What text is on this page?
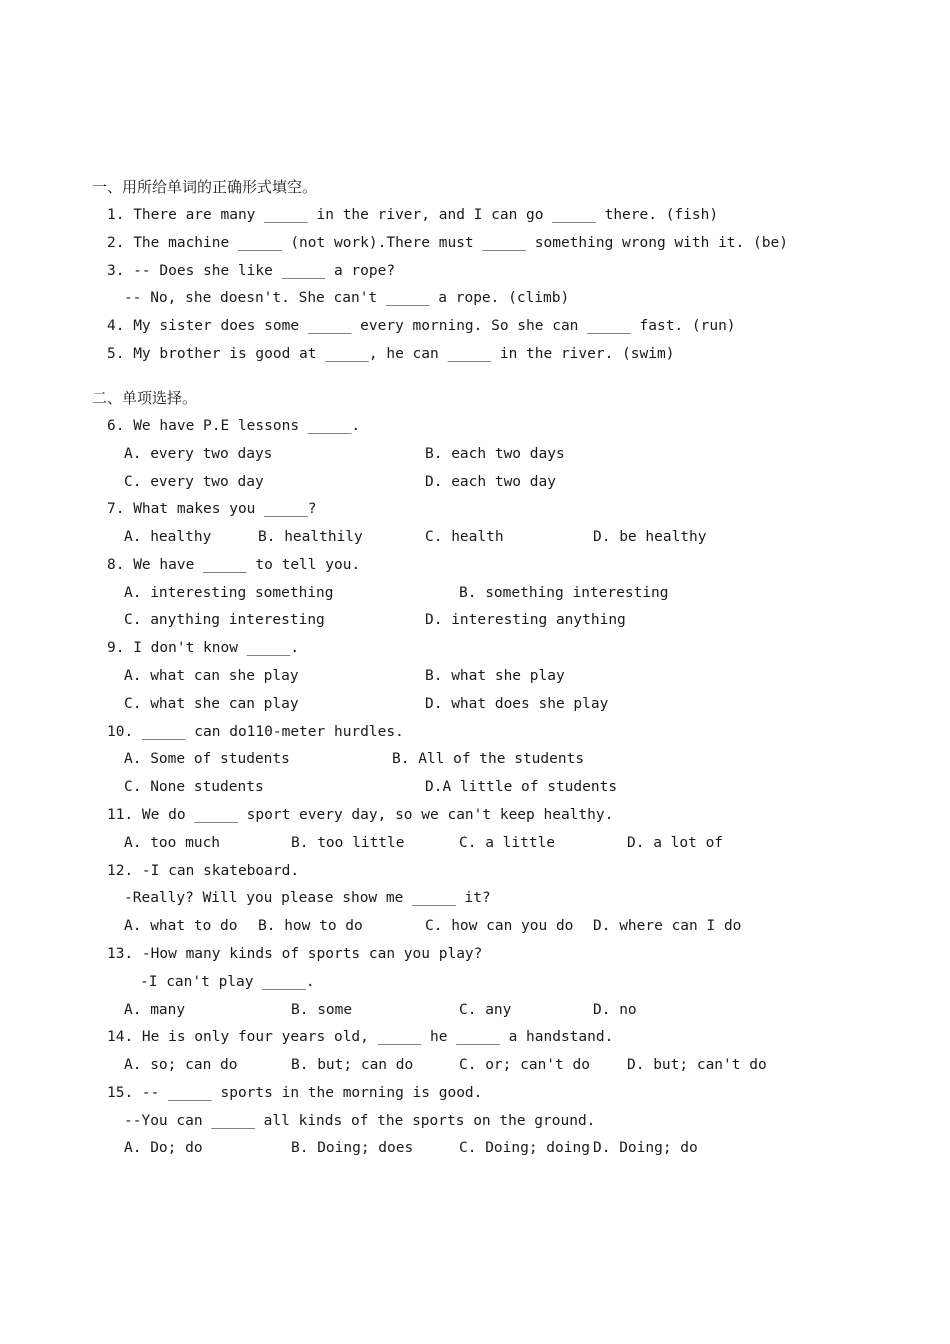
一、用所给单词的正确形式填空。
1. There are many _____ in the river, and I can go _____ there. (fish)
2. The machine _____ (not work).There must _____ something wrong with it. (be)
3. -- Does she like _____ a rope?
-- No, she doesn't. She can't _____ a rope. (climb)
4. My sister does some _____ every morning. So she can _____ fast. (run)
5. My brother is good at _____, he can _____ in the river. (swim)
二、单项选择。
6. We have P.E lessons _____.
A. every two days	B. each two days
C. every two day	D. each two day
7. What makes you _____?
A. healthy	B. healthily	C. health	D. be healthy
8. We have _____ to tell you.
A. interesting something	B. something interesting
C. anything interesting	D. interesting anything
9. I don't know _____.
A. what can she play	B. what she play
C. what she can play	D. what does she play
10. _____ can do110-meter hurdles.
A. Some of students	B. All of the students
C. None students	D.A little of students
11. We do _____ sport every day, so we can't keep healthy.
A. too much	B. too little	C. a little	D. a lot of
12. -I can skateboard.
-Really? Will you please show me _____ it?
A. what to do B. how to do	C. how can you do D. where can I do
13. -How many kinds of sports can you play?
-I can't play _____.
A. many	B. some	C. any	D. no
14. He is only four years old, _____ he _____ a handstand.
A. so; can do	B. but; can do	C. or; can't do	D. but; can't do
15. -- _____ sports in the morning is good.
--You can _____ all kinds of the sports on the ground.
A. Do; do	B. Doing; does	C. Doing; doing D. Doing; do
